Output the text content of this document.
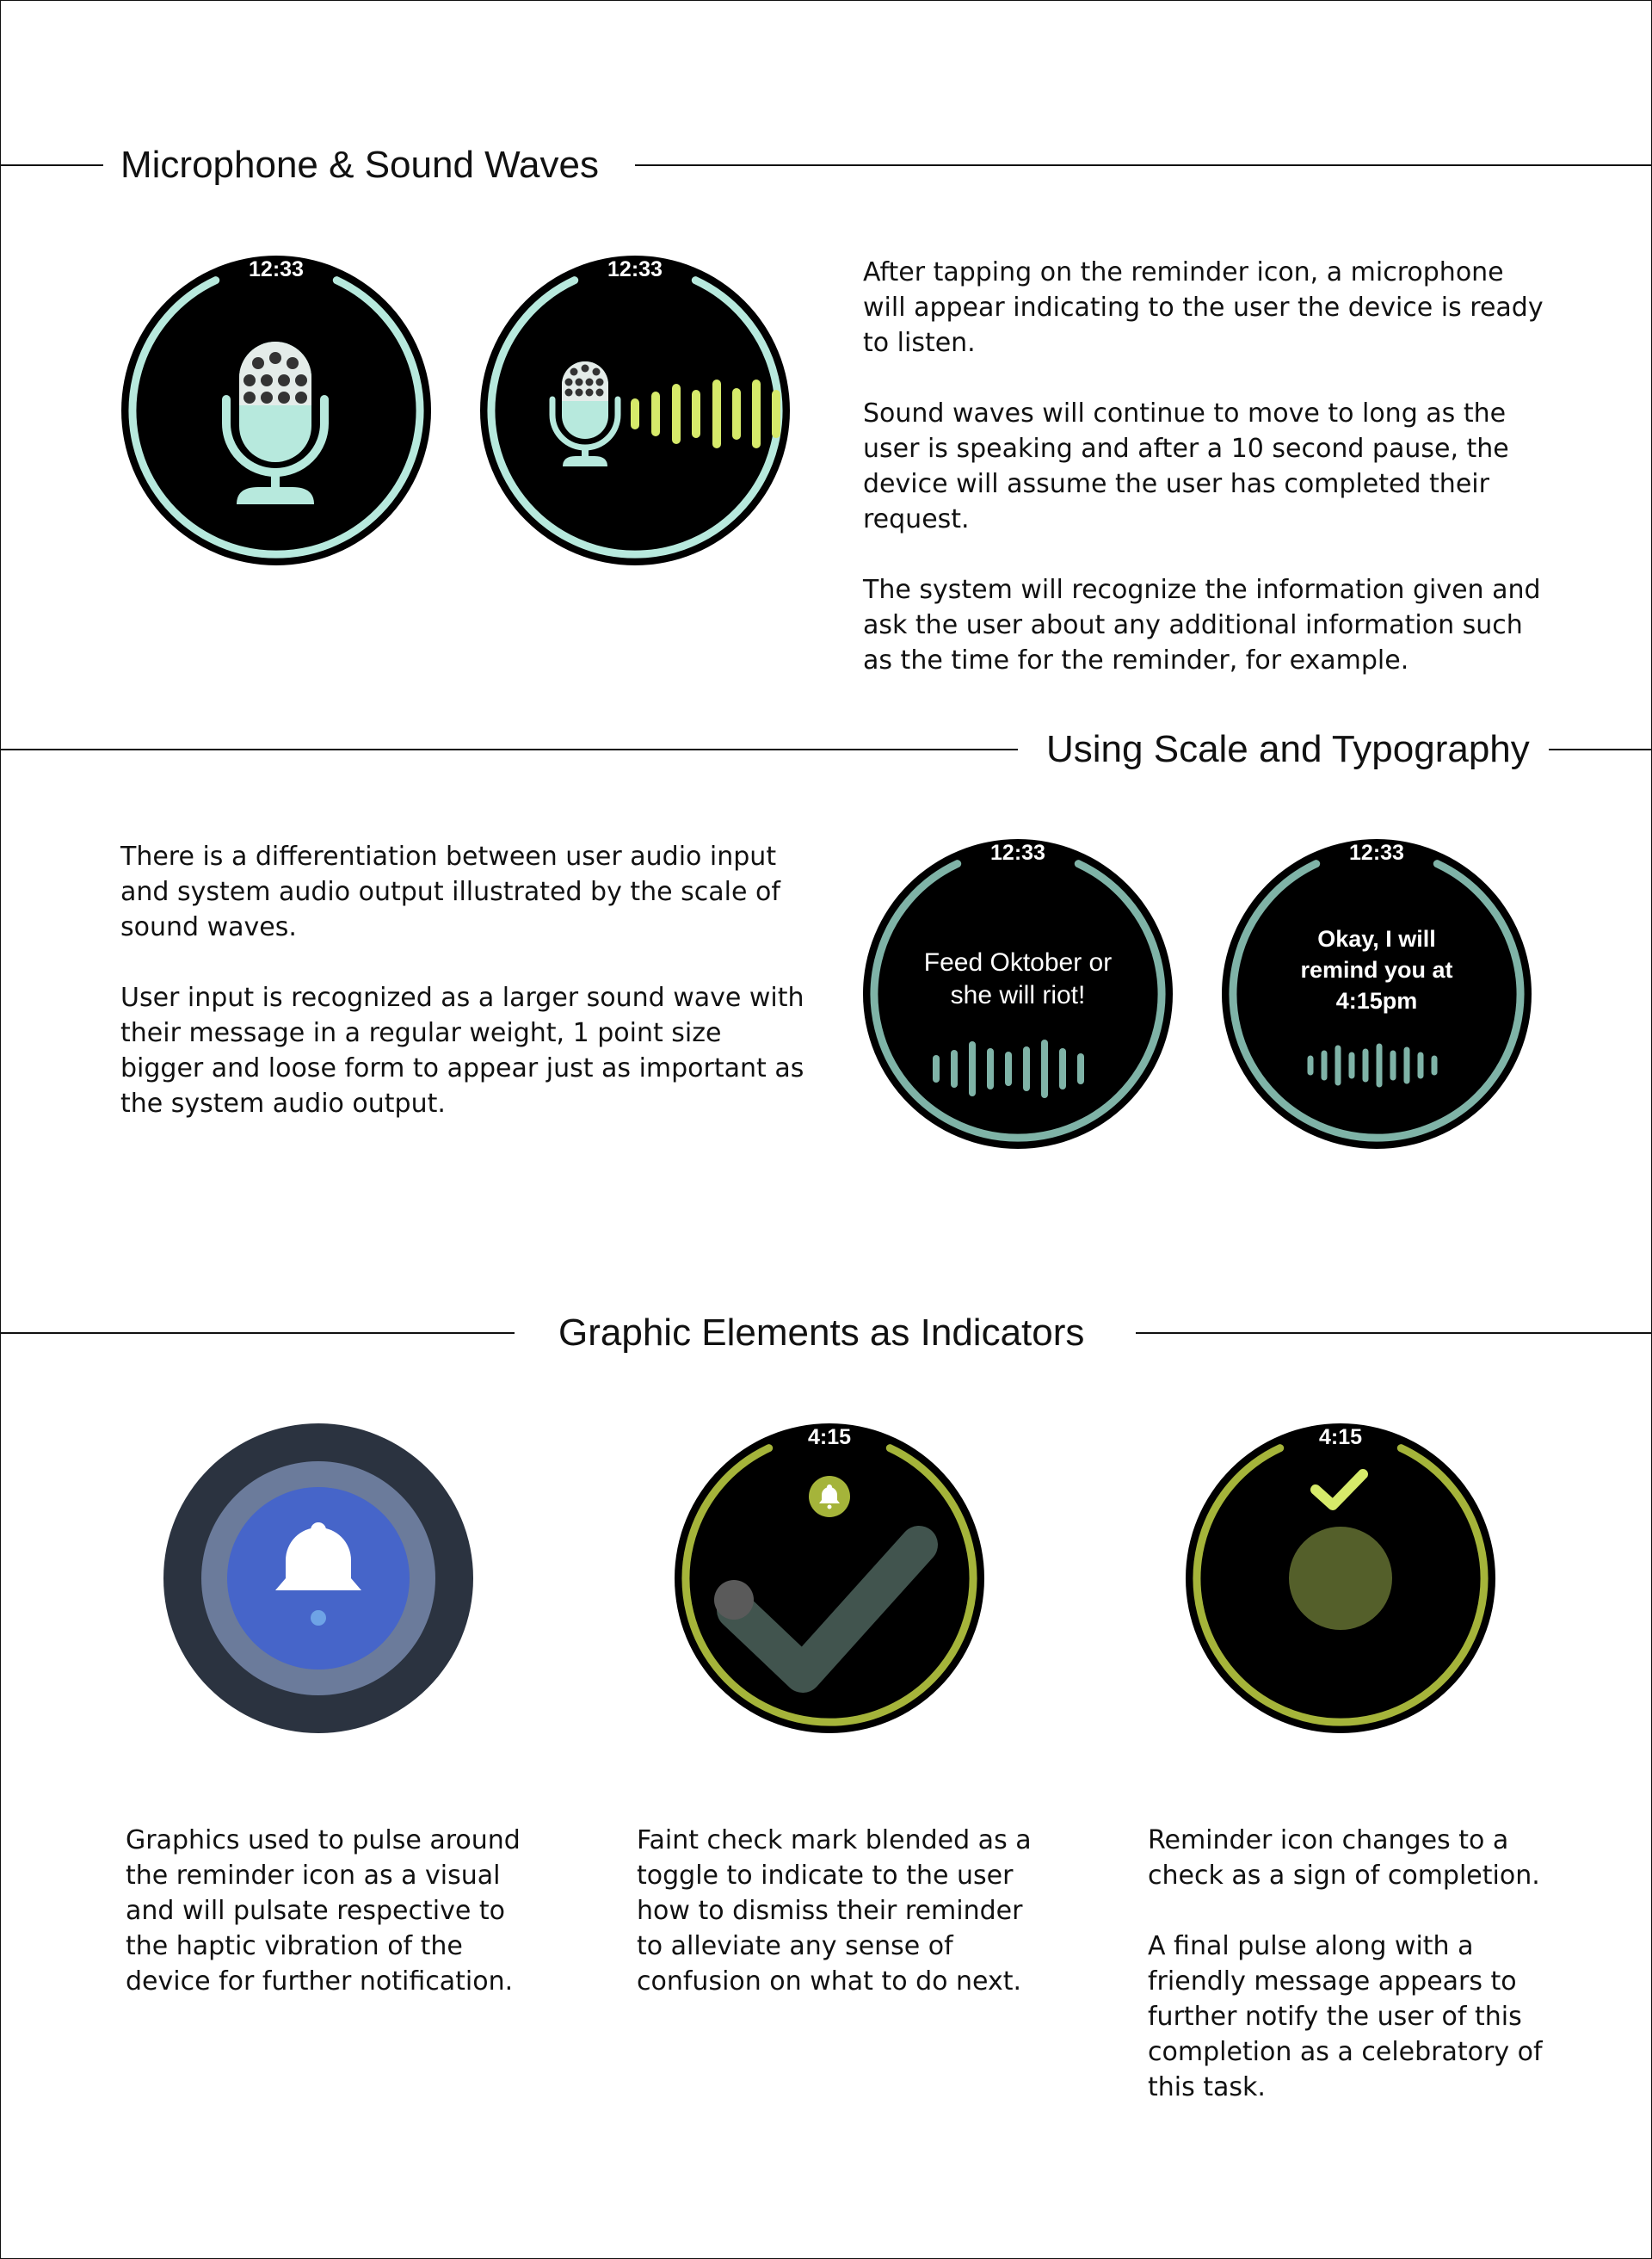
Microphone & Sound Waves
12:33	12:33	After tapping on the reminder icon, a microphone will appear indicating to the user the device is ready to listen.

Sound waves will continue to move to long as the user is speaking and after a 10 second pause, the device will assume the user has completed their request.

The system will recognize the information given and ask the user about any additional information such as the time for the reminder, for example.

Using Scale and Typography

There is a differentiation between user audio input and system audio output illustrated by the scale of sound waves.

User input is recognized as a larger sound wave with their message in a regular weight, 1 point size bigger and loose form to appear just as important as the system audio output.

12:33
Feed Oktober or
she will riot!
12:33
Okay, I will
remind you at
4:15pm
Graphic Elements as Indicators
4:15	4:15

Graphics used to pulse around the reminder icon as a visual and will pulsate respective to the haptic vibration of the device for further notification.

Faint check mark blended as a toggle to indicate to the user how to dismiss their reminder to alleviate any sense of confusion on what to do next.

Reminder icon changes to a check as a sign of completion.

A final pulse along with a friendly message appears to further notify the user of this completion as a celebratory of this task.
